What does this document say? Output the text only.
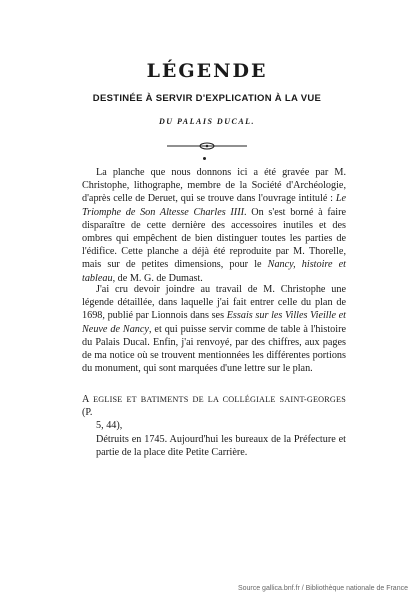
LÉGENDE
DESTINÉE À SERVIR D'EXPLICATION À LA VUE
DU PALAIS DUCAL.

La planche que nous donnons ici a été gravée par M. Christophe, lithographe, membre de la Société d'Archéologie, d'après celle de Deruet, qui se trouve dans l'ouvrage intitulé : Le Triomphe de Son Altesse Charles IIII. On s'est borné à faire disparaître de cette dernière des accessoires inutiles et des ombres qui empêchent de bien distinguer toutes les parties de l'édifice. Cette planche a déjà été reproduite par M. Thorelle, mais sur de petites dimensions, pour le Nancy, histoire et tableau, de M. G. de Dumast.

J'ai cru devoir joindre au travail de M. Christophe une légende détaillée, dans laquelle j'ai fait entrer celle du plan de 1698, publié par Lionnois dans ses Essais sur les Villes Vieille et Neuve de Nancy, et qui puisse servir comme de table à l'histoire du Palais Ducal. Enfin, j'ai renvoyé, par des chiffres, aux pages de ma notice où se trouvent mentionnées les différentes portions du monument, qui sont marquées d'une lettre sur le plan.

A EGLISE ET BATIMENTS DE LA COLLÉGIALE SAINT-GEORGES (P.
5, 44),
Détruits en 1745. Aujourd'hui les bureaux de la Préfecture et partie de la place dite Petite Carrière.
Source gallica.bnf.fr / Bibliothèque nationale de France
